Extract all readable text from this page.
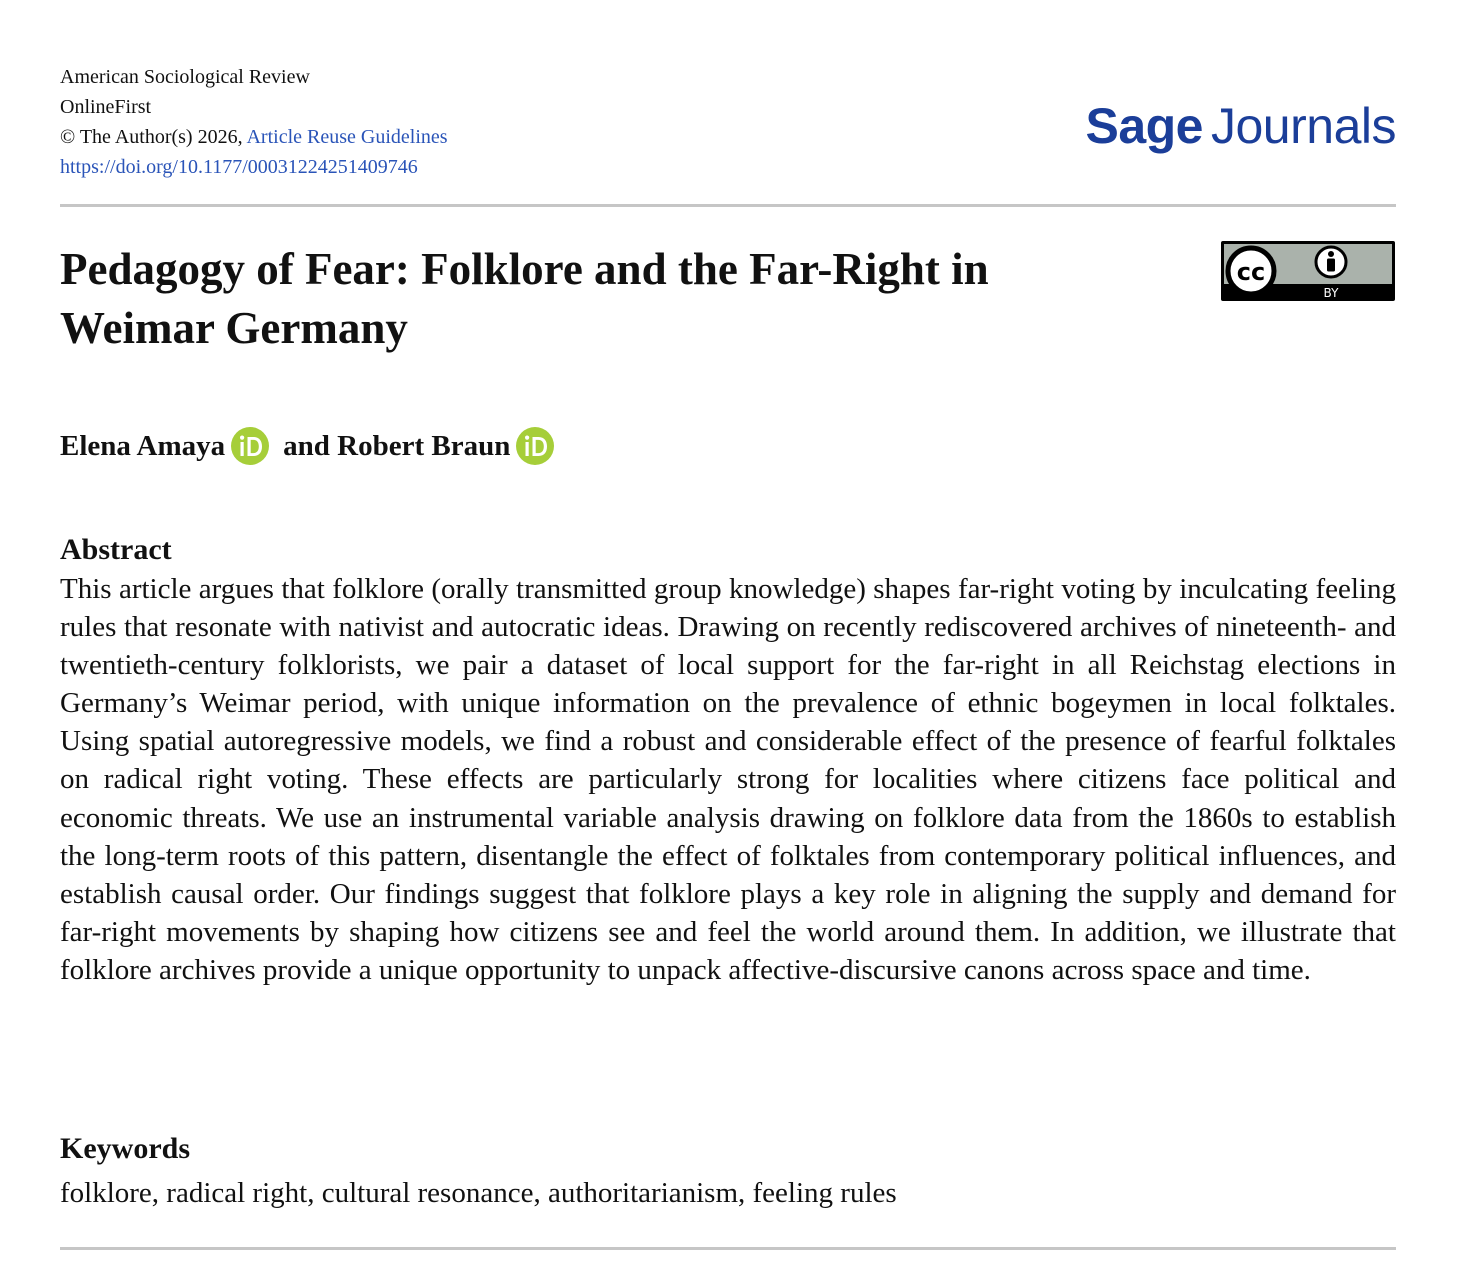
American Sociological Review
OnlineFirst
© The Author(s) 2026, Article Reuse Guidelines
https://doi.org/10.1177/00031224251409746
Sage Journals
Pedagogy of Fear: Folklore and the Far-Right in Weimar Germany
cc
BY
Elena Amaya and
Robert Braun
Abstract

This article argues that folklore (orally transmitted group knowledge) shapes far-right voting by inculcating feeling rules that resonate with nativist and autocratic ideas. Drawing on recently rediscovered archives of nineteenth- and twentieth-century folklorists, we pair a dataset of local support for the far-right in all Reichstag elections in Germany’s Weimar period, with unique information on the prevalence of ethnic bogeymen in local folktales. Using spatial autoregressive models, we find a robust and considerable effect of the presence of fearful folktales on radical right voting. These effects are particularly strong for localities where citizens face political and economic threats. We use an instrumental variable analysis drawing on folklore data from the 1860s to establish the long-term roots of this pattern, disentangle the effect of folktales from contemporary political influences, and establish causal order. Our findings suggest that folklore plays a key role in aligning the supply and demand for far-right movements by shaping how citizens see and feel the world around them. In addition, we illustrate that folklore archives provide a unique opportunity to unpack affective-discursive canons across space and time.

Keywords

folklore, radical right, cultural resonance, authoritarianism, feeling rules
